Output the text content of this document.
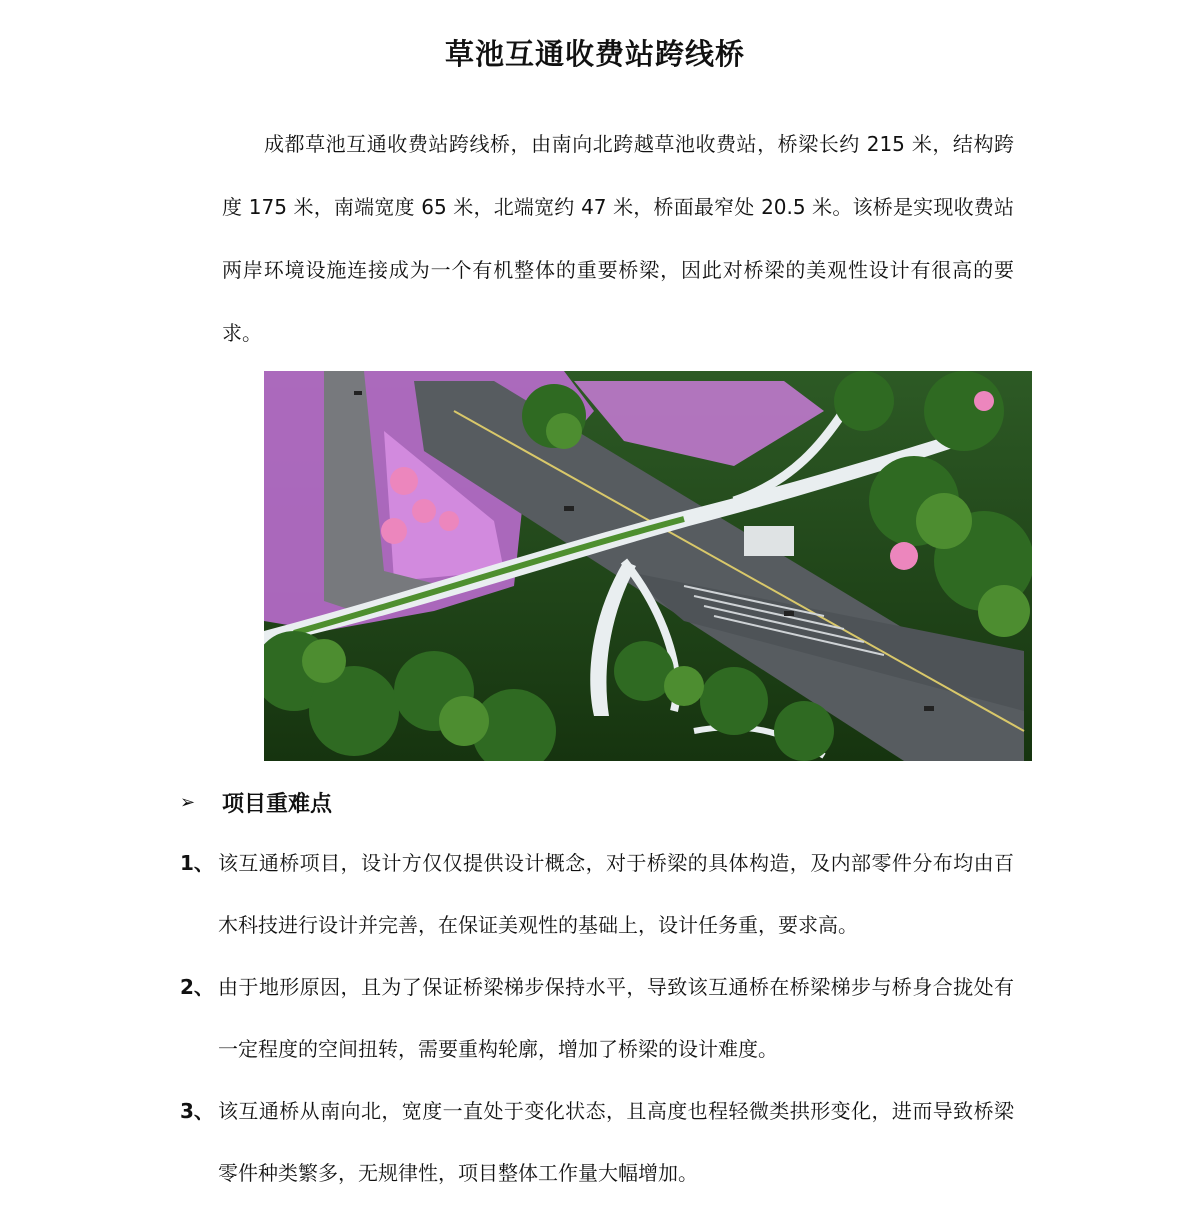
草池互通收费站跨线桥

成都草池互通收费站跨线桥，由南向北跨越草池收费站，桥梁长约 215 米，结构跨度 175 米，南端宽度 65 米，北端宽约 47 米，桥面最窄处 20.5 米。该桥是实现收费站两岸环境设施连接成为一个有机整体的重要桥梁，因此对桥梁的美观性设计有很高的要求。

➢	项目重难点
1、 该互通桥项目，设计方仅仅提供设计概念，对于桥梁的具体构造，及内部零件分布均由百木科技进行设计并完善，在保证美观性的基础上，设计任务重，要求高。
2、 由于地形原因，且为了保证桥梁梯步保持水平，导致该互通桥在桥梁梯步与桥身合拢处有一定程度的空间扭转，需要重构轮廓，增加了桥梁的设计难度。
3、 该互通桥从南向北，宽度一直处于变化状态，且高度也程轻微类拱形变化，进而导致桥梁零件种类繁多，无规律性，项目整体工作量大幅增加。
